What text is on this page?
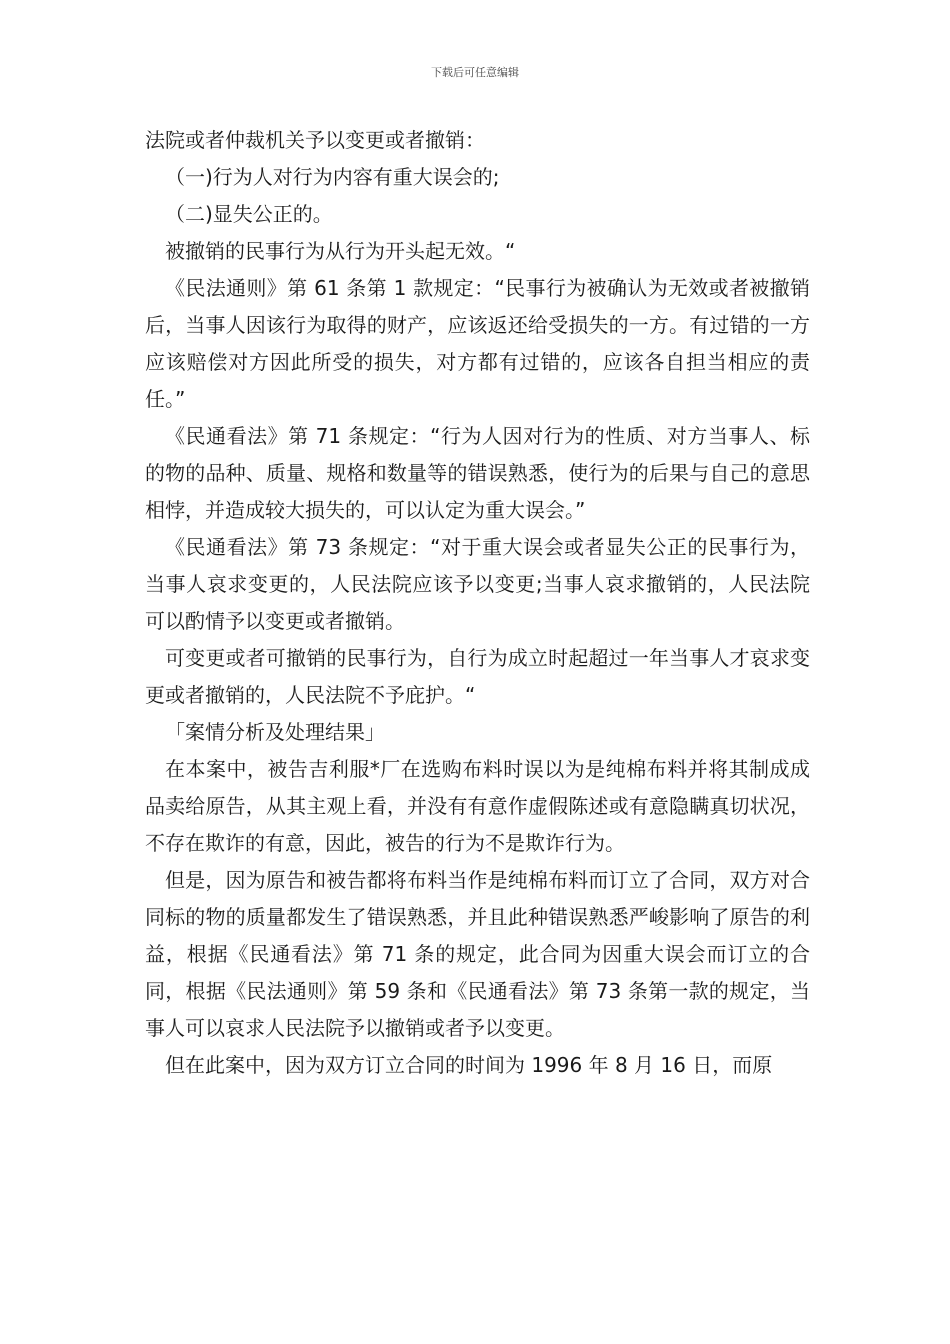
下载后可任意编辑

法院或者仲裁机关予以变更或者撤销：

（一)行为人对行为内容有重大误会的;

（二)显失公正的。

被撤销的民事行为从行为开头起无效。“

《民法通则》第 61 条第 1 款规定：“民事行为被确认为无效或者被撤销后，当事人因该行为取得的财产，应该返还给受损失的一方。有过错的一方应该赔偿对方因此所受的损失，对方都有过错的，应该各自担当相应的责任。”

《民通看法》第 71 条规定：“行为人因对行为的性质、对方当事人、标的物的品种、质量、规格和数量等的错误熟悉，使行为的后果与自己的意思相悖，并造成较大损失的，可以认定为重大误会。”

《民通看法》第 73 条规定：“对于重大误会或者显失公正的民事行为，当事人哀求变更的，人民法院应该予以变更;当事人哀求撤销的，人民法院可以酌情予以变更或者撤销。

可变更或者可撤销的民事行为，自行为成立时起超过一年当事人才哀求变更或者撤销的，人民法院不予庇护。“

「案情分析及处理结果」

在本案中，被告吉利服*厂在选购布料时误以为是纯棉布料并将其制成成品卖给原告，从其主观上看，并没有有意作虚假陈述或有意隐瞒真切状况，不存在欺诈的有意，因此，被告的行为不是欺诈行为。

但是，因为原告和被告都将布料当作是纯棉布料而订立了合同，双方对合同标的物的质量都发生了错误熟悉，并且此种错误熟悉严峻影响了原告的利益，根据《民通看法》第 71 条的规定，此合同为因重大误会而订立的合同，根据《民法通则》第 59 条和《民通看法》第 73 条第一款的规定，当事人可以哀求人民法院予以撤销或者予以变更。

但在此案中，因为双方订立合同的时间为 1996 年 8 月 16 日，而原
